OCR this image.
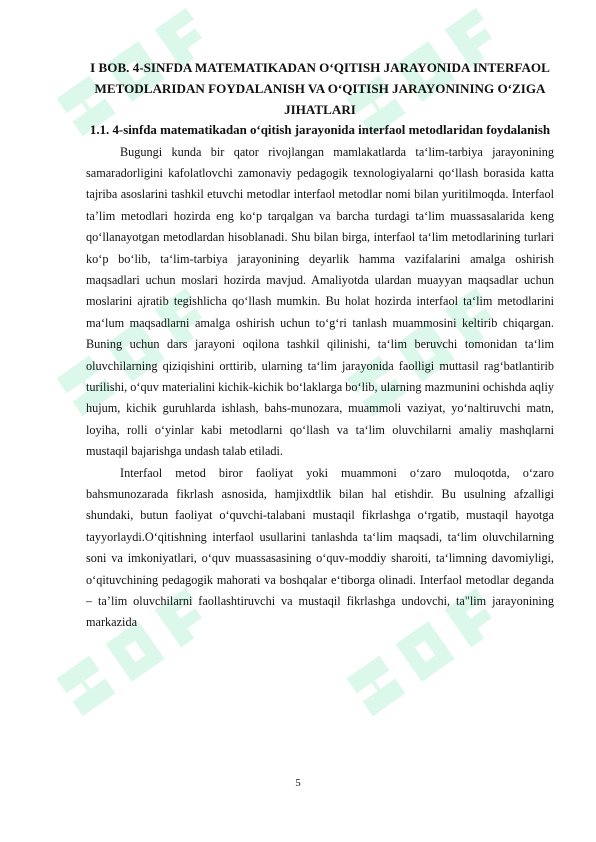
I BOB. 4-SINFDA MATEMATIKADAN O‘QITISH JARAYONIDA INTERFAOL METODLARIDAN FOYDALANISH VA O‘QITISH JARAYONINING O‘ZIGA JIHATLARI

1.1. 4-sinfda matematikadan o‘qitish jarayonida interfaol metodlaridan foydalanish

Bugungi kunda bir qator rivojlangan mamlakatlarda ta‘lim-tarbiya jarayonining samaradorligini kafolatlovchi zamonaviy pedagogik texnologiyalarni qo‘llash borasida katta tajriba asoslarini tashkil etuvchi metodlar interfaol metodlar nomi bilan yuritilmoqda. Interfaol ta’lim metodlari hozirda eng ko‘p tarqalgan va barcha turdagi ta‘lim muassasalarida keng qo‘llanayotgan metodlardan hisoblanadi. Shu bilan birga, interfaol ta‘lim metodlarining turlari ko‘p bo‘lib, ta‘lim-tarbiya jarayonining deyarlik hamma vazifalarini amalga oshirish maqsadlari uchun moslari hozirda mavjud. Amaliyotda ulardan muayyan maqsadlar uchun moslarini ajratib tegishlicha qo‘llash mumkin. Bu holat hozirda interfaol ta‘lim metodlarini ma‘lum maqsadlarni amalga oshirish uchun to‘g‘ri tanlash muammosini keltirib chiqargan. Buning uchun dars jarayoni oqilona tashkil qilinishi, ta‘lim beruvchi tomonidan ta‘lim oluvchilarning qiziqishini orttirib, ularning ta‘lim jarayonida faolligi muttasil rag‘batlantirib turilishi, o‘quv materialini kichik-kichik bo‘laklarga bo‘lib, ularning mazmunini ochishda aqliy hujum, kichik guruhlarda ishlash, bahs-munozara, muammoli vaziyat, yo‘naltiruvchi matn, loyiha, rolli o‘yinlar kabi metodlarni qo‘llash va ta‘lim oluvchilarni amaliy mashqlarni mustaqil bajarishga undash talab etiladi.

Interfaol metod biror faoliyat yoki muammoni o‘zaro muloqotda, o‘zaro bahsmunozarada fikrlash asnosida, hamjixdtlik bilan hal etishdir. Bu usulning afzalligi shundaki, butun faoliyat o‘quvchi-talabani mustaqil fikrlashga o‘rgatib, mustaqil hayotga tayyorlaydi.O‘qitishning interfaol usullarini tanlashda ta‘lim maqsadi, ta‘lim oluvchilarning soni va imkoniyatlari, o‘quv muassasasining o‘quv-moddiy sharoiti, ta‘limning davomiyligi, o‘qituvchining pedagogik mahorati va boshqalar e‘tiborga olinadi. Interfaol metodlar deganda – ta’lim oluvchilarni faollashtiruvchi va mustaqil fikrlashga undovchi, ta"lim jarayonining markazida

5
